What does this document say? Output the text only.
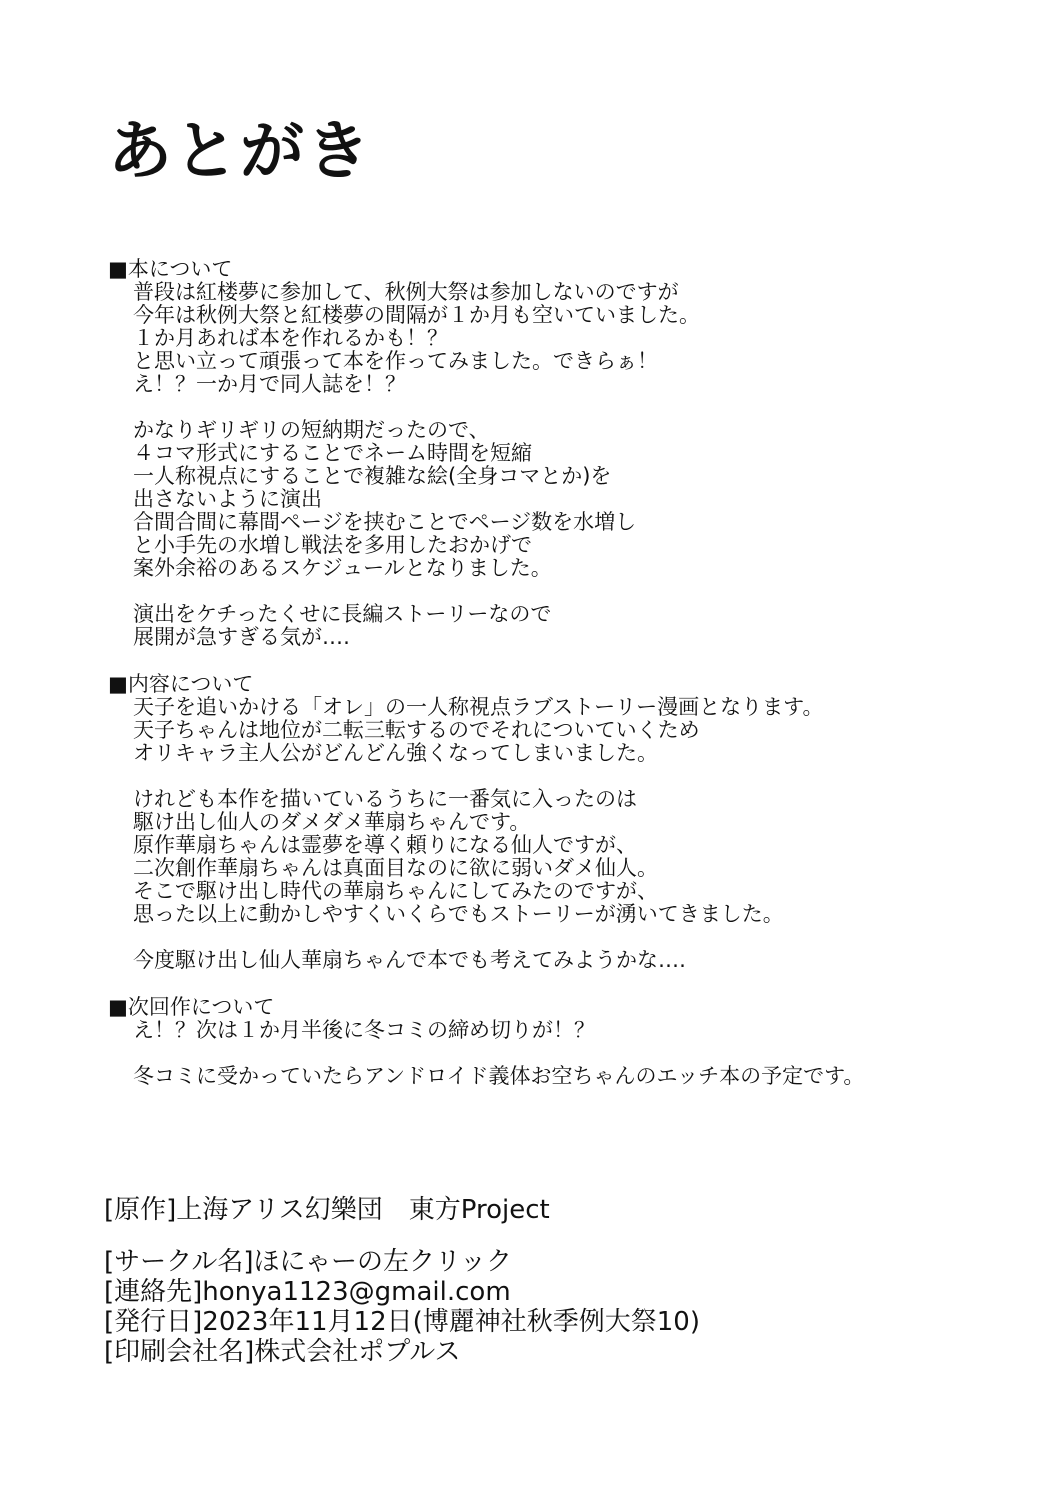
あとがき
■本について
普段は紅楼夢に参加して、秋例大祭は参加しないのですが
今年は秋例大祭と紅楼夢の間隔が１か月も空いていました。
１か月あれば本を作れるかも！？
と思い立って頑張って本を作ってみました。できらぁ！
え！？一か月で同人誌を！？
かなりギリギリの短納期だったので、
４コマ形式にすることでネーム時間を短縮
一人称視点にすることで複雑な絵(全身コマとか)を
出さないように演出
合間合間に幕間ページを挟むことでページ数を水増し
と小手先の水増し戦法を多用したおかげで
案外余裕のあるスケジュールとなりました。
演出をケチったくせに長編ストーリーなので
展開が急すぎる気が‥‥
■内容について
天子を追いかける「オレ」の一人称視点ラブストーリー漫画となります。
天子ちゃんは地位が二転三転するのでそれについていくため
オリキャラ主人公がどんどん強くなってしまいました。
けれども本作を描いているうちに一番気に入ったのは
駆け出し仙人のダメダメ華扇ちゃんです。
原作華扇ちゃんは霊夢を導く頼りになる仙人ですが、
二次創作華扇ちゃんは真面目なのに欲に弱いダメ仙人。
そこで駆け出し時代の華扇ちゃんにしてみたのですが、
思った以上に動かしやすくいくらでもストーリーが湧いてきました。
今度駆け出し仙人華扇ちゃんで本でも考えてみようかな‥‥
■次回作について
え！？次は１か月半後に冬コミの締め切りが！？
冬コミに受かっていたらアンドロイド義体お空ちゃんのエッチ本の予定です。
[原作]上海アリス幻樂団　東方Project
[サークル名]ほにゃーの左クリック
[連絡先]honya1123@gmail.com
[発行日]2023年11月12日(博麗神社秋季例大祭10)
[印刷会社名]株式会社ポプルス
